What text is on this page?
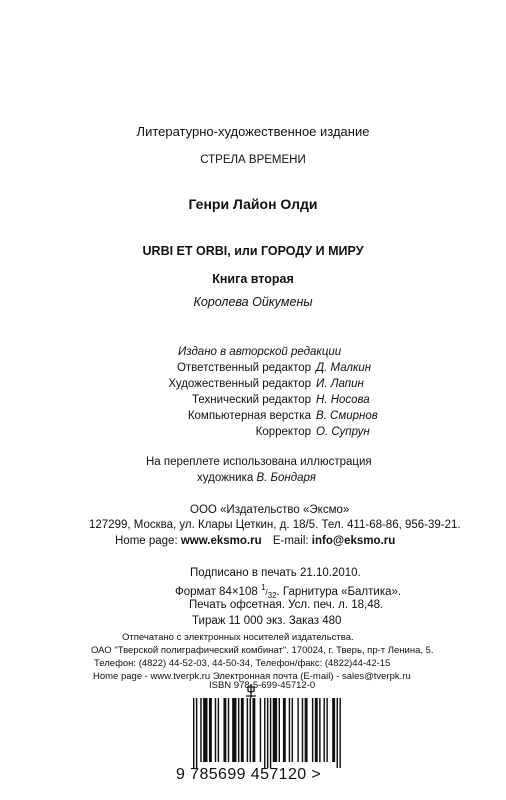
Литературно-художественное издание
СТРЕЛА ВРЕМЕНИ
Генри Лайон Олди
URBI ET ORBI, или ГОРОДУ И МИРУ
Книга вторая
Королева Ойкумены
Издано в авторской редакции
Ответственный редактор Д. Малкин
Художественный редактор И. Лапин
Технический редактор Н. Носова
Компьютерная верстка В. Смирнов
Корректор О. Супрун
На переплете использована иллюстрация
художника В. Бондаря
ООО «Издательство «Эксмо»
127299, Москва, ул. Клары Цеткин, д. 18/5. Тел. 411-68-86, 956-39-21.
Home page: www.eksmo.ru E-mail: info@eksmo.ru
Подписано в печать 21.10.2010.
Формат 84×108 $^1/_{32}$. Гарнитура «Балтика».
Печать офсетная. Усл. печ. л. 18,48.
Тираж 11 000 экз. Заказ 480
Отпечатано с электронных носителей издательства.
ОАО "Тверской полиграфический комбинат". 170024, г. Тверь, пр-т Ленина, 5.
Телефон: (4822) 44-52-03, 44-50-34, Телефон/факс: (4822)44-42-15
Home page - www.tverpk.ru Электронная почта (E-mail) - sales@tverpk.ru
ISBN 978-5-699-45712-0
9 785699 457120 >
